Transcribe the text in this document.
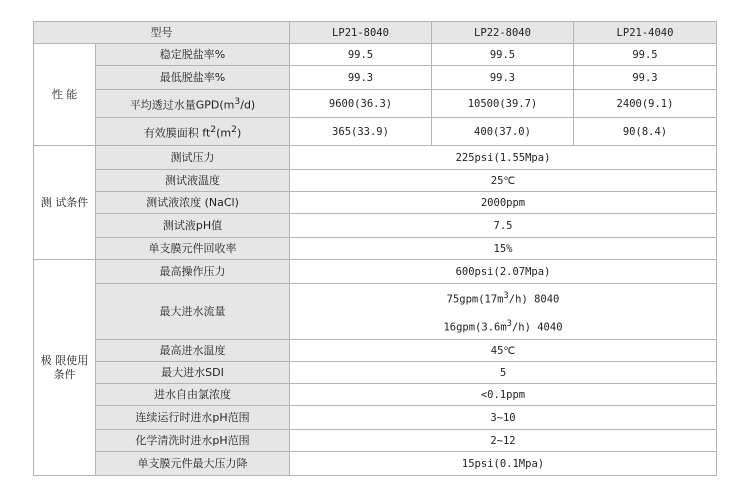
型号		LP21-8040	LP22-8040	LP21-4040
性 能	稳定脱盐率%	99.5	99.5	99.5
	最低脱盐率%	99.3	99.3	99.3
	平均透过水量$GPD(m^3/d)$	9600(36.3)	10500(39.7)	2400(9.1)
	有效膜面积 $ft^2(m^2)$	365(33.9)	400(37.0)	90(8.4)
测 试条件	测试压力	225psi(1.55Mpa)		
	测试液温度	25℃		
	测试液浓度 (NaCl)	2000ppm		
	测试液pH值	7.5		
	单支膜元件回收率	15%		
极 限使用 条件	最高操作压力	600psi(2.07Mpa)		
	最大进水流量	$75gpm(17m^3/h)$ 8040
$16gpm(3.6m^3/h)$ 4040		

	最高进水温度	45℃		
	最大进水SDI	5		
	进水自由氯浓度	<0.1ppm		
	连续运行时进水pH范围	3~10		
	化学清洗时进水pH范围	2~12		
	单支膜元件最大压力降	15psi(0.1Mpa)		
